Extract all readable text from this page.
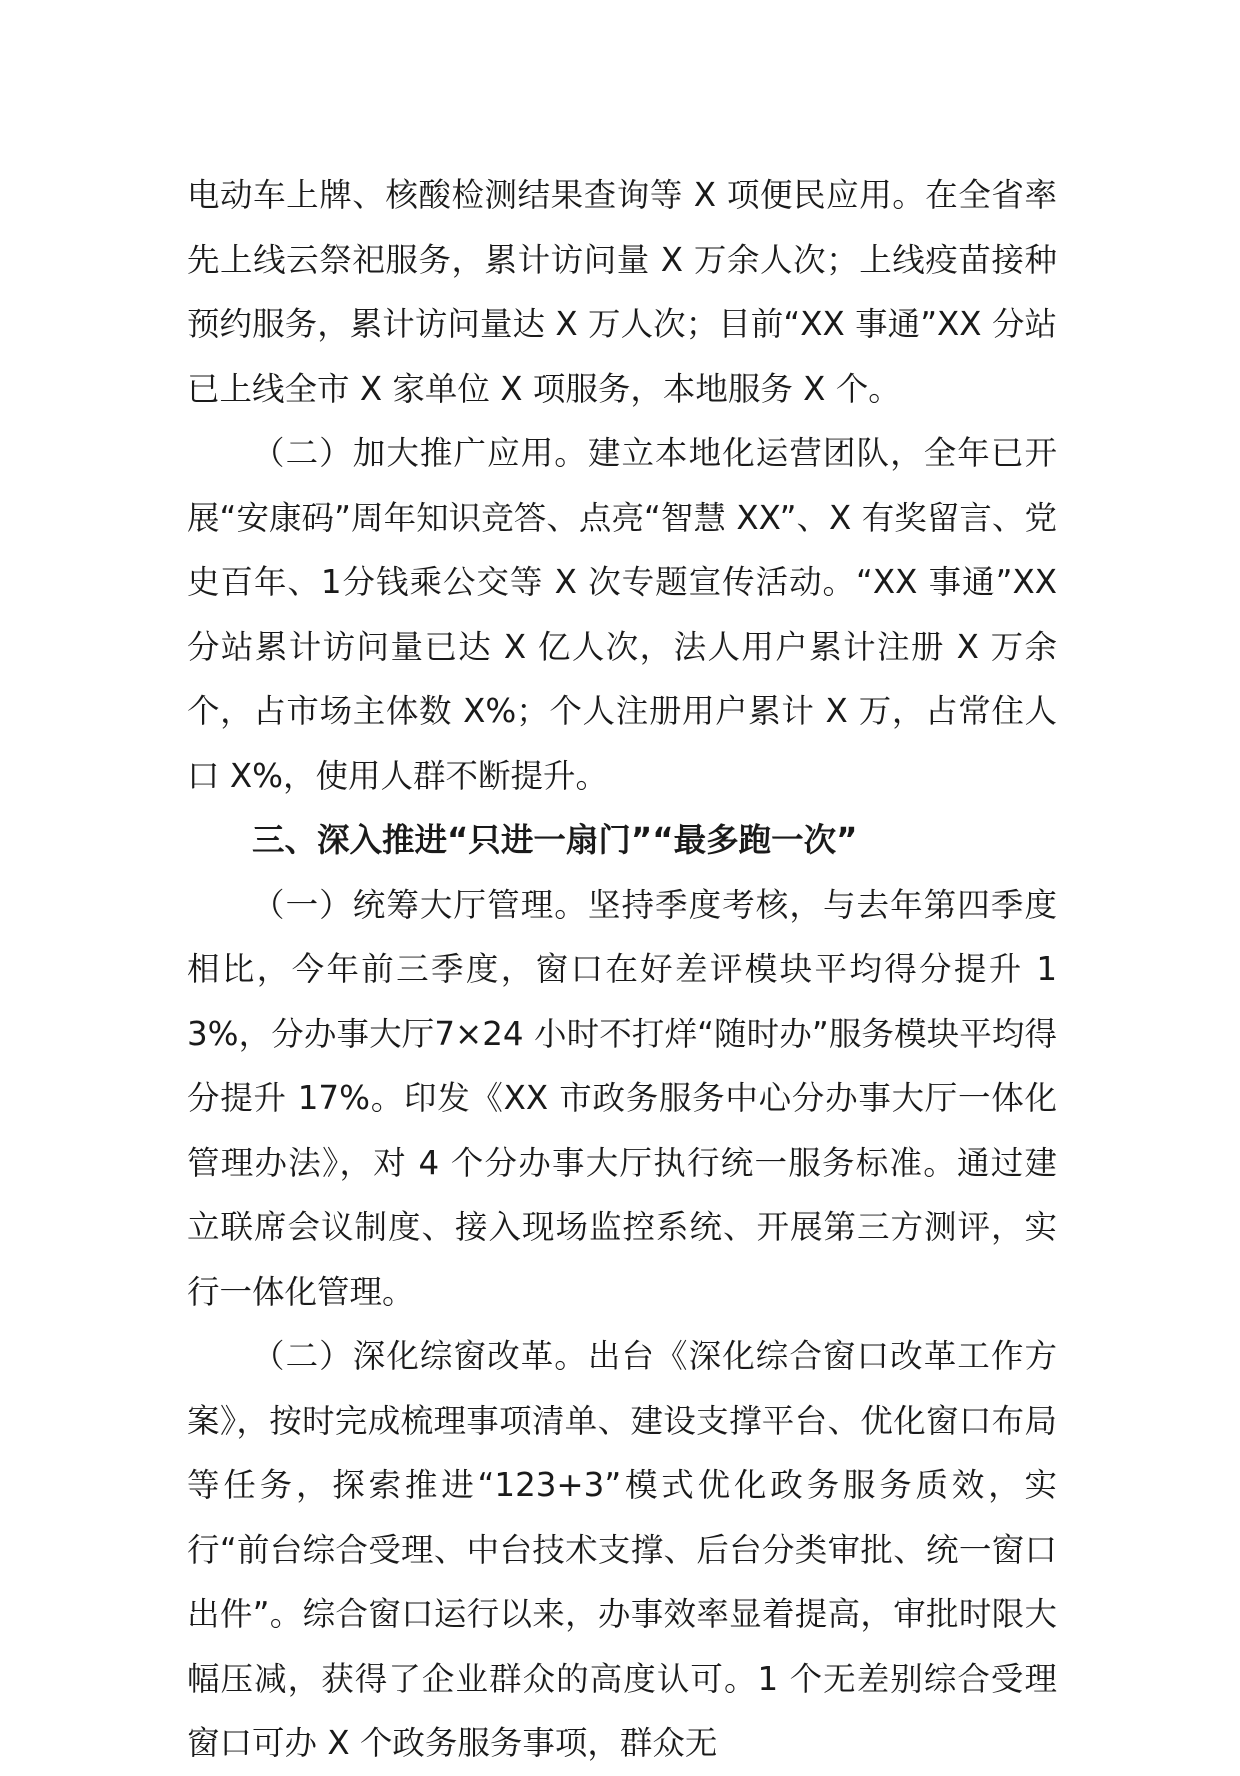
电动车上牌、核酸检测结果查询等 X 项便民应用。在全省率先上线云祭祀服务，累计访问量 X 万余人次；上线疫苗接种预约服务，累计访问量达 X 万人次；目前“XX 事通”XX 分站已上线全市 X 家单位 X 项服务，本地服务 X 个。

（二）加大推广应用。建立本地化运营团队，全年已开展“安康码”周年知识竞答、点亮“智慧 XX”、X 有奖留言、党史百年、1分钱乘公交等 X 次专题宣传活动。“XX 事通”XX 分站累计访问量已达 X 亿人次，法人用户累计注册 X 万余个，占市场主体数 X%；个人注册用户累计 X 万，占常住人口 X%，使用人群不断提升。

三、深入推进“只进一扇门”“最多跑一次”

（一）统筹大厅管理。坚持季度考核，与去年第四季度相比，今年前三季度，窗口在好差评模块平均得分提升 13%，分办事大厅7×24 小时不打烊“随时办”服务模块平均得分提升 17%。印发《XX 市政务服务中心分办事大厅一体化管理办法》，对 4 个分办事大厅执行统一服务标准。通过建立联席会议制度、接入现场监控系统、开展第三方测评，实行一体化管理。

（二）深化综窗改革。出台《深化综合窗口改革工作方案》，按时完成梳理事项清单、建设支撑平台、优化窗口布局等任务，探索推进“123+3”模式优化政务服务质效，实行“前台综合受理、中台技术支撑、后台分类审批、统一窗口出件”。综合窗口运行以来，办事效率显着提高，审批时限大幅压减，获得了企业群众的高度认可。1 个无差别综合受理窗口可办 X 个政务服务事项，群众无
